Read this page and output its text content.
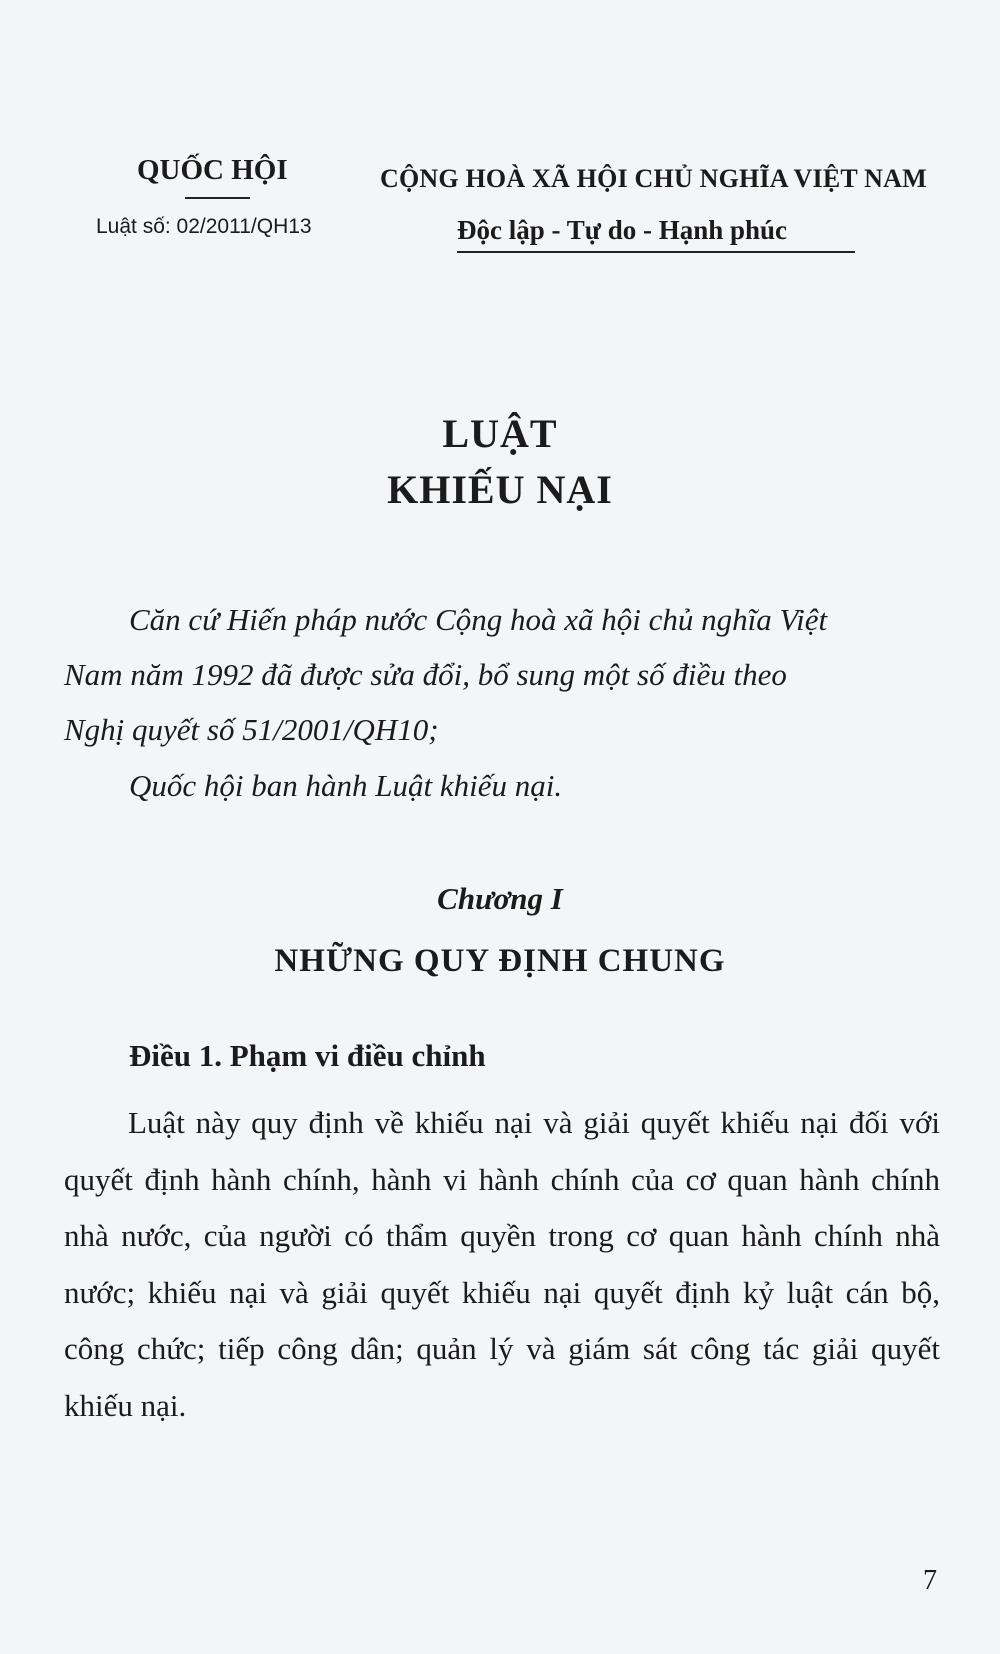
QUỐC HỘI
Luật số: 02/2011/QH13
CỘNG HOÀ XÃ HỘI CHỦ NGHĨA VIỆT NAM
Độc lập - Tự do - Hạnh phúc
LUẬT
KHIẾU NẠI
Căn cứ Hiến pháp nước Cộng hoà xã hội chủ nghĩa Việt
Nam năm 1992 đã được sửa đổi, bổ sung một số điều theo
Nghị quyết số 51/2001/QH10;
Quốc hội ban hành Luật khiếu nại.
Chương I
NHỮNG QUY ĐỊNH CHUNG
Điều 1. Phạm vi điều chỉnh
Luật này quy định về khiếu nại và giải quyết khiếu nại đối với quyết định hành chính, hành vi hành chính của cơ quan hành chính nhà nước, của người có thẩm quyền trong cơ quan hành chính nhà nước; khiếu nại và giải quyết khiếu nại quyết định kỷ luật cán bộ, công chức; tiếp công dân; quản lý và giám sát công tác giải quyết khiếu nại.
7
